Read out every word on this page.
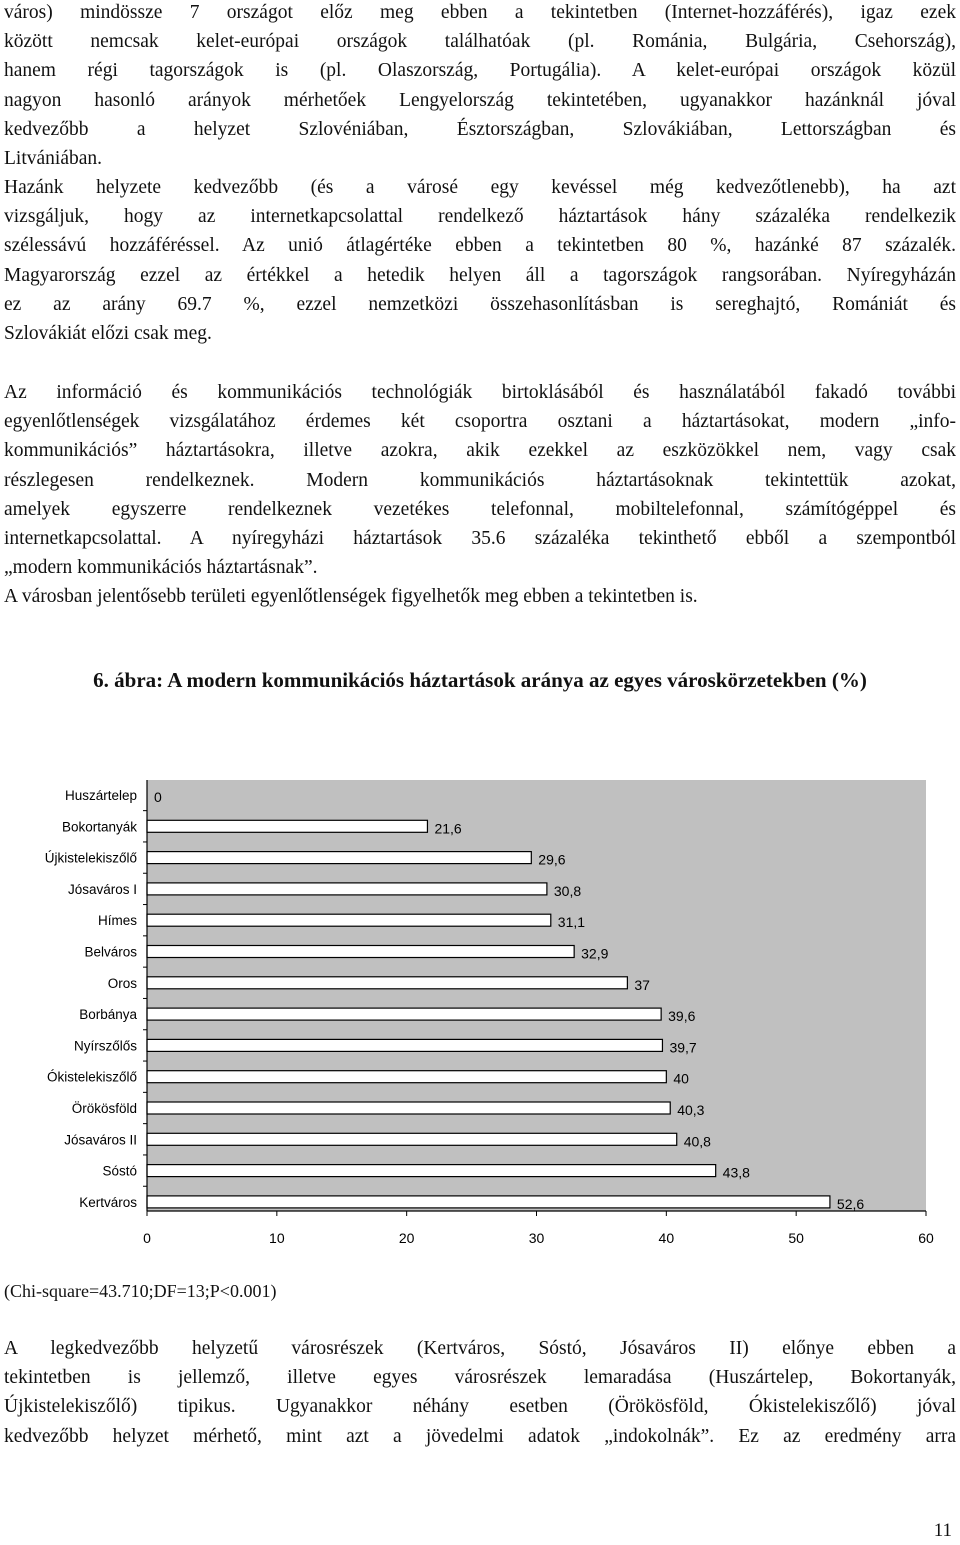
város) mindössze 7 országot előz meg ebben a tekintetben (Internet-hozzáférés), igaz ezek
között nemcsak kelet-európai országok találhatóak (pl. Románia, Bulgária, Csehország),
hanem régi tagországok is (pl. Olaszország, Portugália). A kelet-európai országok közül
nagyon hasonló arányok mérhetőek Lengyelország tekintetében, ugyanakkor hazánknál jóval
kedvezőbb a helyzet Szlovéniában, Észtországban, Szlovákiában, Lettországban és
Litvániában.
Hazánk helyzete kedvezőbb (és a városé egy kevéssel még kedvezőtlenebb), ha azt
vizsgáljuk, hogy az internetkapcsolattal rendelkező háztartások hány százaléka rendelkezik
szélessávú hozzáféréssel. Az unió átlagértéke ebben a tekintetben 80 %, hazánké 87 százalék.
Magyarország ezzel az értékkel a hetedik helyen áll a tagországok rangsorában. Nyíregyházán
ez az arány 69.7 %, ezzel nemzetközi összehasonlításban is sereghajtó, Romániát és
Szlovákiát előzi csak meg.
Az információ és kommunikációs technológiák birtoklásából és használatából fakadó további
egyenlőtlenségek vizsgálatához érdemes két csoportra osztani a háztartásokat, modern „info-
kommunikációs” háztartásokra, illetve azokra, akik ezekkel az eszközökkel nem, vagy csak
részlegesen rendelkeznek. Modern kommunikációs háztartásoknak tekintettük azokat,
amelyek egyszerre rendelkeznek vezetékes telefonnal, mobiltelefonnal, számítógéppel és
internetkapcsolattal. A nyíregyházi háztartások 35.6 százaléka tekinthető ebből a szempontból
„modern kommunikációs háztartásnak”.
A városban jelentősebb területi egyenlőtlenségek figyelhetők meg ebben a tekintetben is.
6. ábra: A modern kommunikációs háztartások aránya az egyes városkörzetekben (%)
Huszártelep 0
Bokortanyák	21,6
Újkistelekiszőlő	29,6
Jósaváros I	30,8
Hímes	31,1
Belváros	32,9
Oros	37
Borbánya	39,6
Nyírszőlős	39,7
Ókistelekiszőlő	40
Örökösföld	40,3
Jósaváros II	40,8
Sóstó	43,8
Kertváros	52,6
0	10	20	30	40	50	60
(Chi-square=43.710;DF=13;P<0.001)
A legkedvezőbb helyzetű városrészek (Kertváros, Sóstó, Jósaváros II) előnye ebben a
tekintetben is jellemző, illetve egyes városrészek lemaradása (Huszártelep, Bokortanyák,
Újkistelekiszőlő) tipikus. Ugyanakkor néhány esetben (Örökösföld, Ókistelekiszőlő) jóval
kedvezőbb helyzet mérhető, mint azt a jövedelmi adatok „indokolnák”. Ez az eredmény arra
11
